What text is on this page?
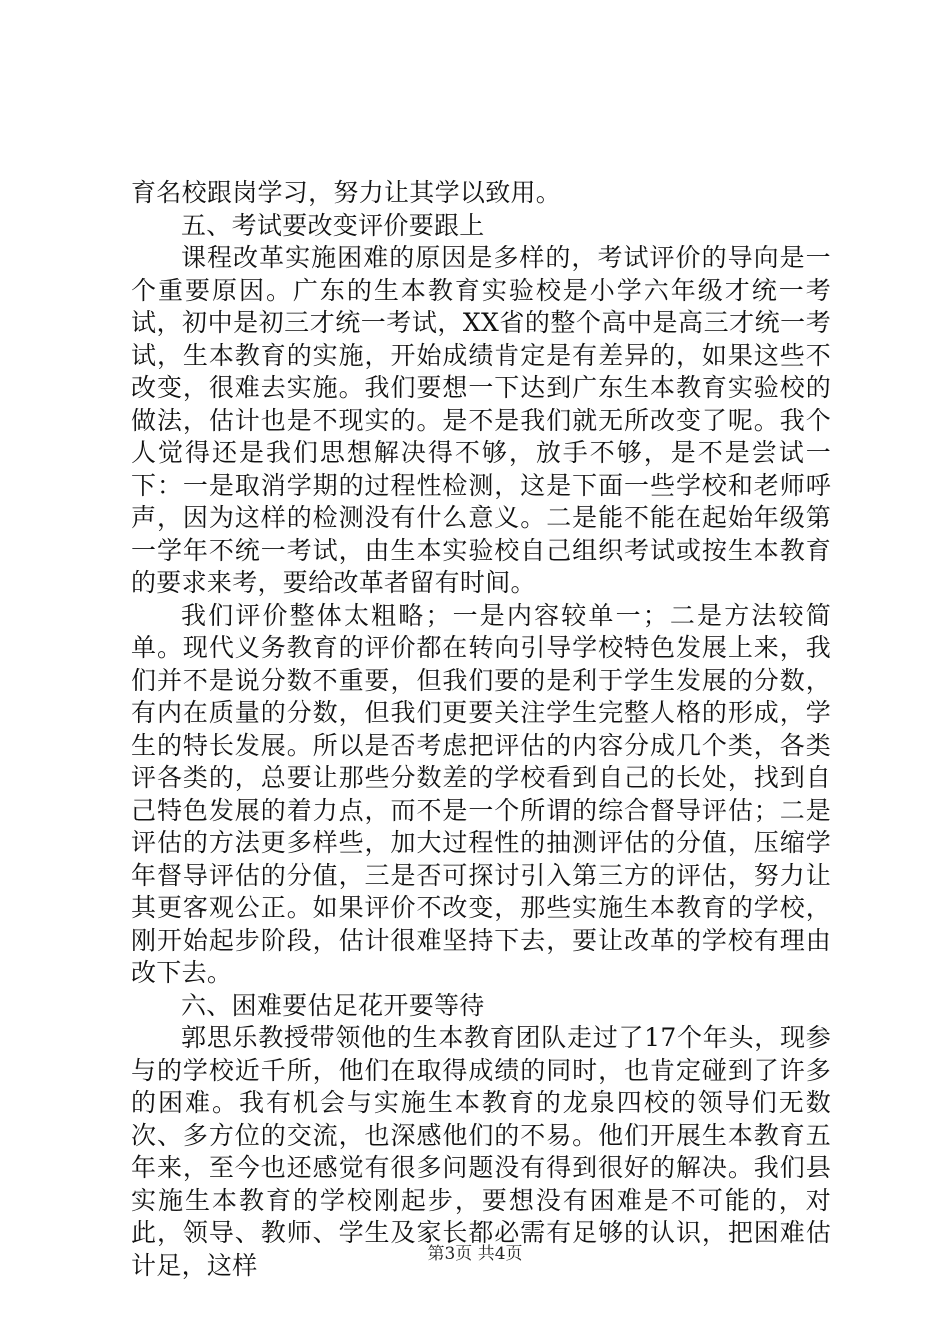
育名校跟岗学习，努力让其学以致用。

五、考试要改变评价要跟上

课程改革实施困难的原因是多样的，考试评价的导向是一个重要原因。广东的生本教育实验校是小学六年级才统一考试，初中是初三才统一考试，XX省的整个高中是高三才统一考试，生本教育的实施，开始成绩肯定是有差异的，如果这些不改变，很难去实施。我们要想一下达到广东生本教育实验校的做法，估计也是不现实的。是不是我们就无所改变了呢。我个人觉得还是我们思想解决得不够，放手不够，是不是尝试一下：一是取消学期的过程性检测，这是下面一些学校和老师呼声，因为这样的检测没有什么意义。二是能不能在起始年级第一学年不统一考试，由生本实验校自己组织考试或按生本教育的要求来考，要给改革者留有时间。

我们评价整体太粗略；一是内容较单一；二是方法较简单。现代义务教育的评价都在转向引导学校特色发展上来，我们并不是说分数不重要，但我们要的是利于学生发展的分数，有内在质量的分数，但我们更要关注学生完整人格的形成，学生的特长发展。所以是否考虑把评估的内容分成几个类，各类评各类的，总要让那些分数差的学校看到自己的长处，找到自己特色发展的着力点，而不是一个所谓的综合督导评估；二是评估的方法更多样些，加大过程性的抽测评估的分值，压缩学年督导评估的分值，三是否可探讨引入第三方的评估，努力让其更客观公正。如果评价不改变，那些实施生本教育的学校，刚开始起步阶段，估计很难坚持下去，要让改革的学校有理由改下去。

六、困难要估足花开要等待

郭思乐教授带领他的生本教育团队走过了17个年头，现参与的学校近千所，他们在取得成绩的同时，也肯定碰到了许多的困难。我有机会与实施生本教育的龙泉四校的领导们无数次、多方位的交流，也深感他们的不易。他们开展生本教育五年来，至今也还感觉有很多问题没有得到很好的解决。我们县实施生本教育的学校刚起步，要想没有困难是不可能的，对此，领导、教师、学生及家长都必需有足够的认识，把困难估计足，这样	第3页 共4页
